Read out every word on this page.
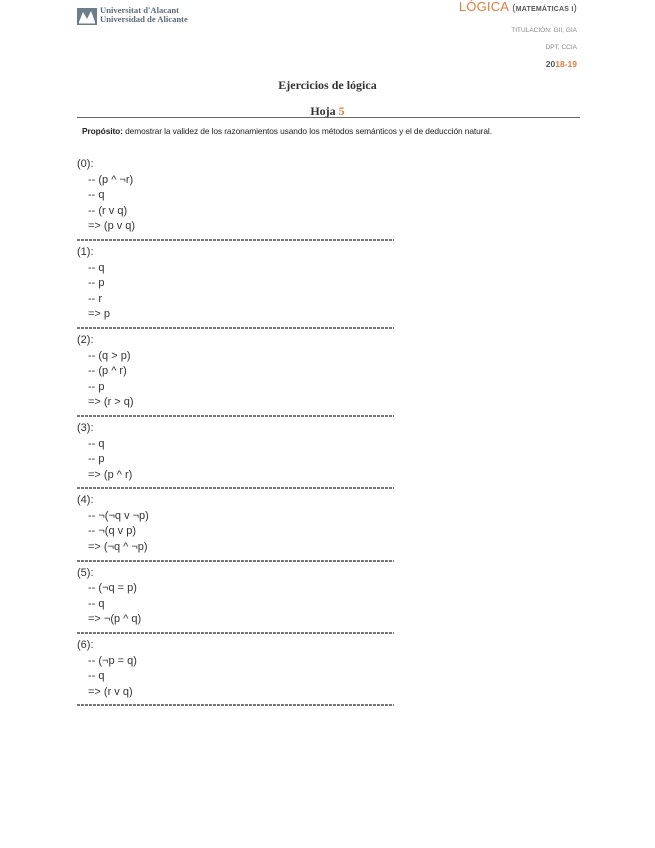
Universitat d'Alacant
Universidad de Alicante
LÓGICA (MATEMÁTICAS I)
TITULACIÓN: GII, GIA
DPT. CCIA
2018-19
Ejercicios de lógica
Hoja 5
Propósito: demostrar la validez de los razonamientos usando los métodos semánticos y el de deducción natural.
(0):
-- (p ^ ¬r)
-- q
-- (r v q)
=> (p v q)
(1):
-- q
-- p
-- r
=> p
(2):
-- (q > p)
-- (p ^ r)
-- p
=> (r > q)
(3):
-- q
-- p
=> (p ^ r)
(4):
-- ¬(¬q v ¬p)
-- ¬(q v p)
=> (¬q ^ ¬p)
(5):
-- (¬q = p)
-- q
=> ¬(p ^ q)
(6):
-- (¬p = q)
-- q
=> (r v q)
